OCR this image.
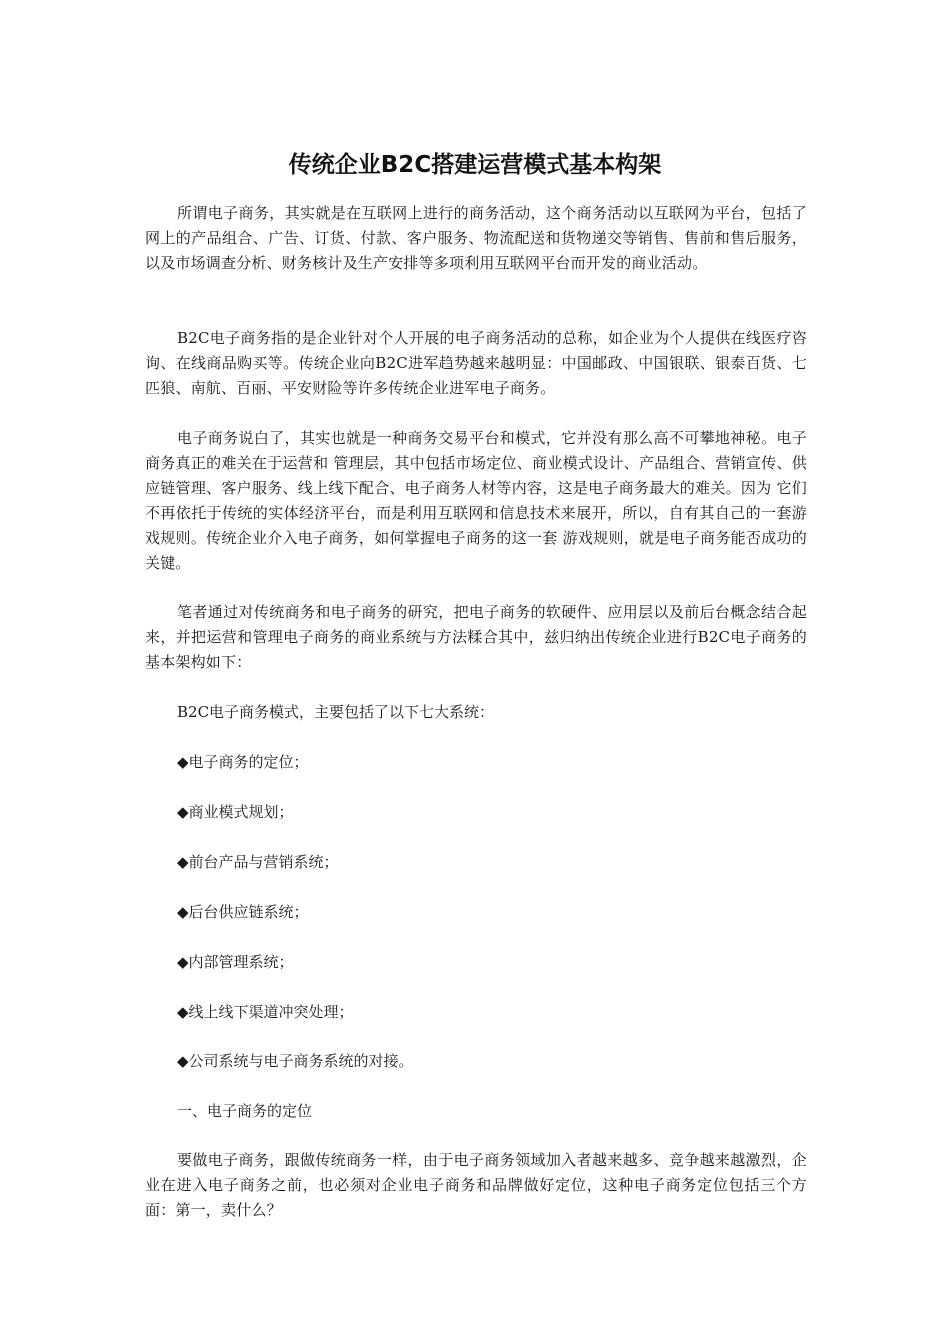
传统企业B2C搭建运营模式基本构架

所谓电子商务，其实就是在互联网上进行的商务活动，这个商务活动以互联网为平台，包括了网上的产品组合、广告、订货、付款、客户服务、物流配送和货物递交等销售、售前和售后服务，以及市场调查分析、财务核计及生产安排等多项利用互联网平台而开发的商业活动。

B2C电子商务指的是企业针对个人开展的电子商务活动的总称，如企业为个人提供在线医疗咨询、在线商品购买等。传统企业向B2C进军趋势越来越明显：中国邮政、中国银联、银泰百货、七匹狼、南航、百丽、平安财险等许多传统企业进军电子商务。

电子商务说白了，其实也就是一种商务交易平台和模式，它并没有那么高不可攀地神秘。电子商务真正的难关在于运营和 管理层，其中包括市场定位、商业模式设计、产品组合、营销宣传、供应链管理、客户服务、线上线下配合、电子商务人材等内容，这是电子商务最大的难关。因为 它们不再依托于传统的实体经济平台，而是利用互联网和信息技术来展开，所以，自有其自己的一套游戏规则。传统企业介入电子商务，如何掌握电子商务的这一套 游戏规则，就是电子商务能否成功的关键。

笔者通过对传统商务和电子商务的研究，把电子商务的软硬件、应用层以及前后台概念结合起来，并把运营和管理电子商务的商业系统与方法糅合其中，兹归纳出传统企业进行B2C电子商务的基本架构如下：

B2C电子商务模式，主要包括了以下七大系统：

◆电子商务的定位；

◆商业模式规划；

◆前台产品与营销系统；

◆后台供应链系统；

◆内部管理系统；

◆线上线下渠道冲突处理；

◆公司系统与电子商务系统的对接。

一、电子商务的定位

要做电子商务，跟做传统商务一样，由于电子商务领域加入者越来越多、竞争越来越激烈，企业在进入电子商务之前，也必须对企业电子商务和品牌做好定位，这种电子商务定位包括三个方面：第一，卖什么？
